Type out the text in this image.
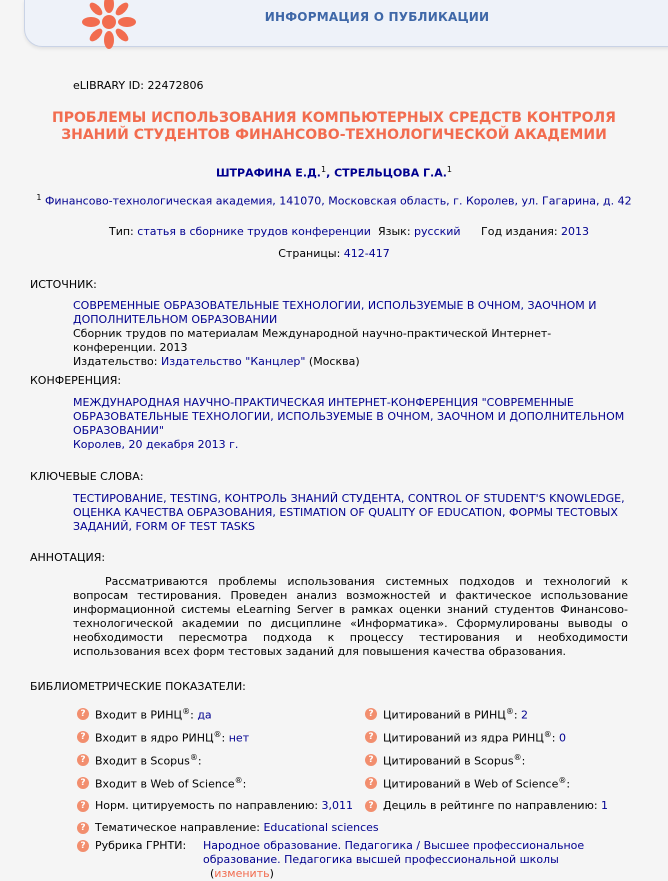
ИНФОРМАЦИЯ О ПУБЛИКАЦИИ
eLIBRARY ID: 22472806
ПРОБЛЕМЫ ИСПОЛЬЗОВАНИЯ КОМПЬЮТЕРНЫХ СРЕДСТВ КОНТРОЛЯ ЗНАНИЙ СТУДЕНТОВ ФИНАНСОВО-ТЕХНОЛОГИЧЕСКОЙ АКАДЕМИИ
ШТРАФИНА Е.Д.$^1$, СТРЕЛЬЦОВА Г.А.$^1$
$^1$ Финансово-технологическая академия, 141070, Московская область, г. Королев, ул. Гагарина, д. 42
Тип: статья в сборнике трудов конференции Язык: русский Год издания: 2013
Страницы: 412-417
ИСТОЧНИК:
СОВРЕМЕННЫЕ ОБРАЗОВАТЕЛЬНЫЕ ТЕХНОЛОГИИ, ИСПОЛЬЗУЕМЫЕ В ОЧНОМ, ЗАОЧНОМ И ДОПОЛНИТЕЛЬНОМ ОБРАЗОВАНИИ
Сборник трудов по материалам Международной научно-практической Интернет-конференции. 2013
Издательство: Издательство "Канцлер" (Москва)
КОНФЕРЕНЦИЯ:
МЕЖДУНАРОДНАЯ НАУЧНО-ПРАКТИЧЕСКАЯ ИНТЕРНЕТ-КОНФЕРЕНЦИЯ "СОВРЕМЕННЫЕ ОБРАЗОВАТЕЛЬНЫЕ ТЕХНОЛОГИИ, ИСПОЛЬЗУЕМЫЕ В ОЧНОМ, ЗАОЧНОМ И ДОПОЛНИТЕЛЬНОМ ОБРАЗОВАНИИ"
Королев, 20 декабря 2013 г.
КЛЮЧЕВЫЕ СЛОВА:
ТЕСТИРОВАНИЕ, TESTING, КОНТРОЛЬ ЗНАНИЙ СТУДЕНТА, CONTROL OF STUDENT'S KNOWLEDGE, ОЦЕНКА КАЧЕСТВА ОБРАЗОВАНИЯ, ESTIMATION OF QUALITY OF EDUCATION, ФОРМЫ ТЕСТОВЫХ ЗАДАНИЙ, FORM OF TEST TASKS
АННОТАЦИЯ:
Рассматриваются проблемы использования системных подходов и технологий к вопросам тестирования. Проведен анализ возможностей и фактическое использование информационной системы eLearning Server в рамках оценки знаний студентов Финансово-технологической академии по дисциплине «Информатика». Сформулированы выводы о необходимости пересмотра подхода к процессу тестирования и необходимости использования всех форм тестовых заданий для повышения качества образования.
БИБЛИОМЕТРИЧЕСКИЕ ПОКАЗАТЕЛИ:
? Входит в РИНЦ®: да
? Входит в ядро РИНЦ®: нет
? Входит в Scopus®:
? Входит в Web of Science®:
? Норм. цитируемость по направлению: 3,011
? Тематическое направление: Educational sciences
? Цитирований в РИНЦ®: 2
? Цитирований из ядра РИНЦ®: 0
? Цитирований в Scopus®:
? Цитирований в Web of Science®:
? Дециль в рейтинге по направлению: 1
? Рубрика ГРНТИ: Народное образование. Педагогика / Высшее профессиональное образование. Педагогика высшей профессиональной школы   (изменить)
